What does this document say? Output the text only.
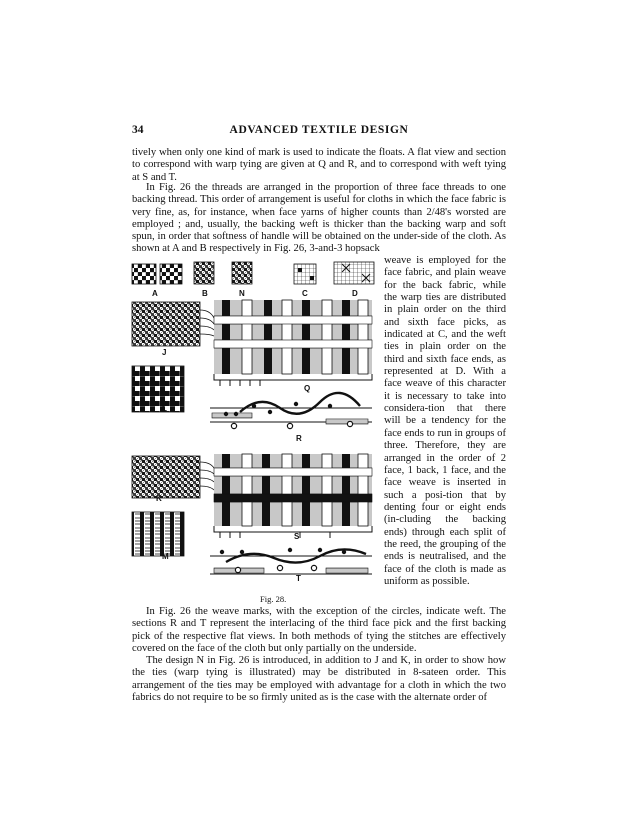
34	ADVANCED TEXTILE DESIGN
tively when only one kind of mark is used to indicate the floats. A flat view and section to correspond with warp tying are given at Q and R, and to correspond with weft tying at S and T.
In Fig. 26 the threads are arranged in the proportion of three face threads to one backing thread. This order of arrangement is useful for cloths in which the face fabric is very fine, as, for instance, when face yarns of higher counts than 2/48's worsted are employed ; and, usually, the backing weft is thicker than the backing warp and soft spun, in order that softness of handle will be obtained on the under-side of the cloth. As shown at A and B respectively in Fig. 26, 3-and-3 hopsack
weave is employed for the face fabric, and plain weave for the back fabric, while the warp ties are distributed in plain order on the third and sixth face picks, as indicated at C, and the weft ties in plain order on the third and sixth face ends, as represented at D. With a face weave of this character it is necessary to take into considera-tion that there will be a tendency for the face ends to run in groups of three. Therefore, they are arranged in the order of 2 face, 1 back, 1 face, and the face weave is inserted in such a posi-tion that by denting four or eight ends (in-cluding the backing ends) through each split of the reed, the grouping of the ends is neutralised, and the face of the cloth is made as uniform as possible.
In Fig. 26 the weave marks, with the exception of the circles, indicate weft. The sections R and T represent the interlacing of the third face pick and the first backing pick of the respective flat views. In both methods of tying the stitches are effectively covered on the face of the cloth but only partially on the underside.
The design N in Fig. 26 is introduced, in addition to J and K, in order to show how the ties (warp tying is illustrated) may be distributed in 8-sateen order. This arrangement of the ties may be employed with advantage for a cloth in which the two fabrics do not require to be so firmly united as is the case with the alternate order of
A	B	N	C	D
J
Q
L
R
K
S
M
T
Fig. 28.
